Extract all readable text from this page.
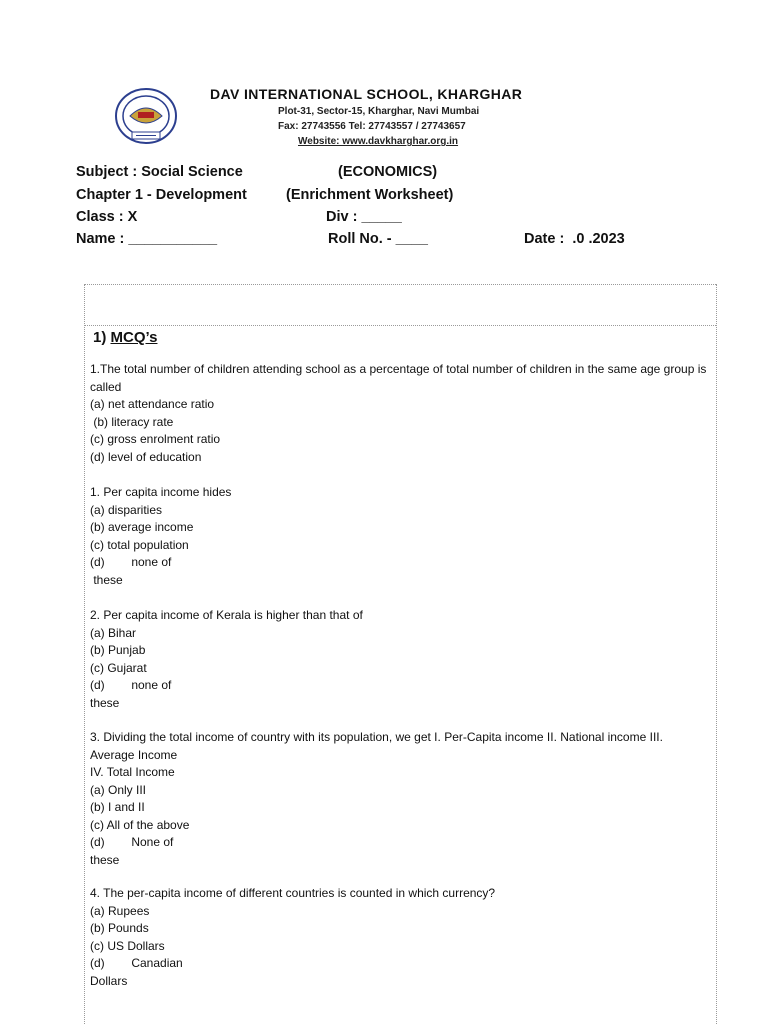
DAV INTERNATIONAL SCHOOL, KHARGHAR
Plot-31, Sector-15, Kharghar, Navi Mumbai
Fax: 27743556 Tel: 27743557 / 27743657
Website: www.davkharghar.org.in
Subject : Social Science	(ECONOMICS)
Chapter 1 - Development	(Enrichment Worksheet)
Class : X	Div : _____
Name : ___________	Roll No. - ____	Date :  .0 .2023
1) MCQ’s
1.The total number of children attending school as a percentage of total number of children in the same age group is called
(a) net attendance ratio
(b) literacy rate
(c) gross enrolment ratio
(d) level of education
1. Per capita income hides
(a) disparities
(b) average income
(c) total population
(d)        none of
these
2. Per capita income of Kerala is higher than that of
(a) Bihar
(b) Punjab
(c) Gujarat
(d)        none of
these
3. Dividing the total income of country with its population, we get I. Per-Capita income II. National income III. Average Income
IV. Total Income
(a) Only III
(b) I and II
(c) All of the above
(d)        None of
these
4. The per-capita income of different countries is counted in which currency?
(a) Rupees
(b) Pounds
(c) US Dollars
(d)        Canadian
Dollars
